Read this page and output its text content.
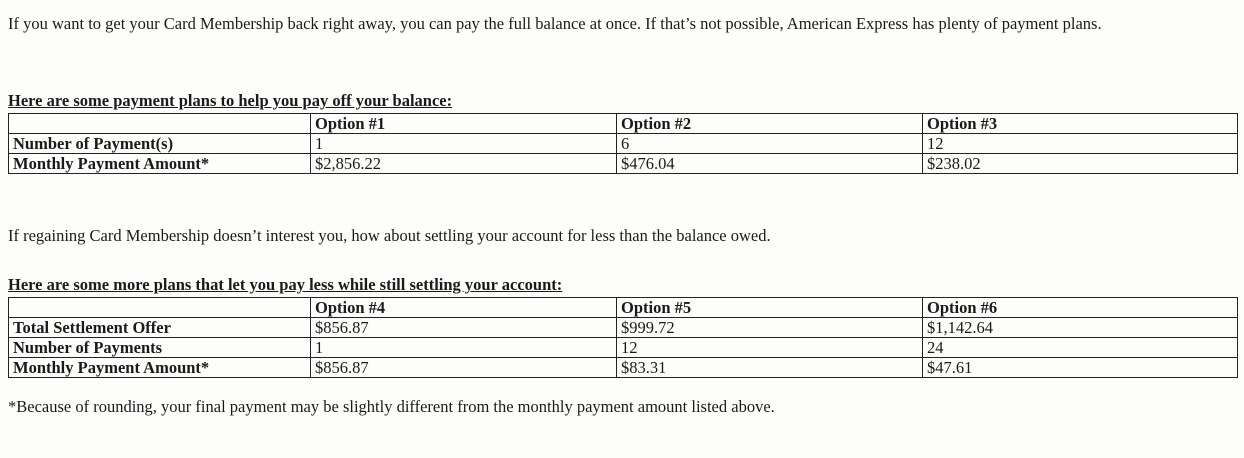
If you want to get your Card Membership back right away, you can pay the full balance at once. If that’s not possible, American Express has plenty of payment plans.
Here are some payment plans to help you pay off your balance:
	Option #1	Option #2	Option #3
Number of Payment(s)	1	6	12
Monthly Payment Amount*	$2,856.22	$476.04	$238.02
If regaining Card Membership doesn’t interest you, how about settling your account for less than the balance owed.
Here are some more plans that let you pay less while still settling your account:
	Option #4	Option #5	Option #6
Total Settlement Offer	$856.87	$999.72	$1,142.64
Number of Payments	1	12	24
Monthly Payment Amount*	$856.87	$83.31	$47.61
*Because of rounding, your final payment may be slightly different from the monthly payment amount listed above.
